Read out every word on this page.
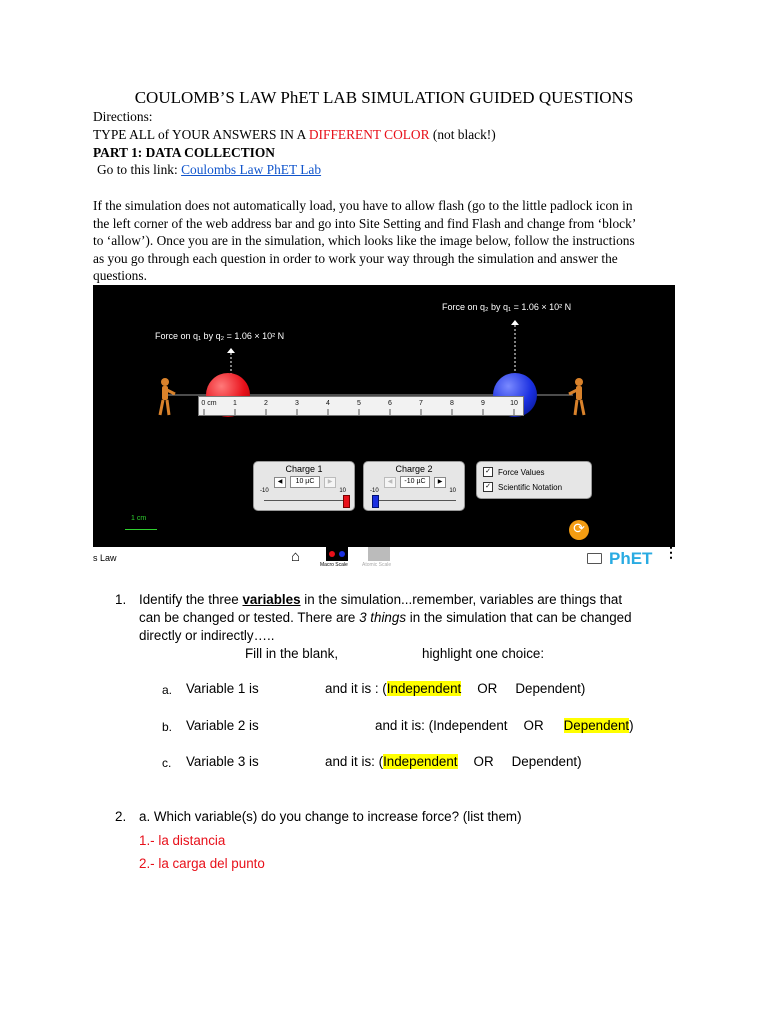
COULOMB’S LAW PhET LAB SIMULATION GUIDED QUESTIONS
Directions:
TYPE ALL of YOUR ANSWERS IN A DIFFERENT COLOR (not black!)
PART 1: DATA COLLECTION
Go to this link: Coulombs Law PhET Lab
If the simulation does not automatically load, you have to allow flash (go to the little padlock icon in
the left corner of the web address bar and go into Site Setting and find Flash and change from ‘block’
to ‘allow’). Once you are in the simulation, which looks like the image below, follow the instructions
as you go through each question in order to work your way through the simulation and answer the
questions.
Force on q₂ by q₁ = 1.06 × 10² N
Force on q₁ by q₂ = 1.06 × 10² N
Charge 1
◀	10 µC	▶
-10	10
Charge 2
◀	-10 µC	▶
-10	10
✓ Force Values
✓ Scientific Notation
1 cm
⟳
0 cm 1	2	3	4	5	6	7	8	9	10
s Law	⌂	Macro Scale	Atomic Scale	PhET ⋮
1. Identify the three variables in the simulation...remember, variables are things that
can be changed or tested. There are 3 things in the simulation that can be changed
directly or indirectly…..
Fill in the blank,	highlight one choice:
a. Variable 1 is	and it is : (Independent OR Dependent)
b. Variable 2 is	and it is: (Independent OR Dependent)
c. Variable 3 is	and it is: (Independent OR Dependent)
2. a. Which variable(s) do you change to increase force? (list them)
1.- la distancia
2.- la carga del punto
